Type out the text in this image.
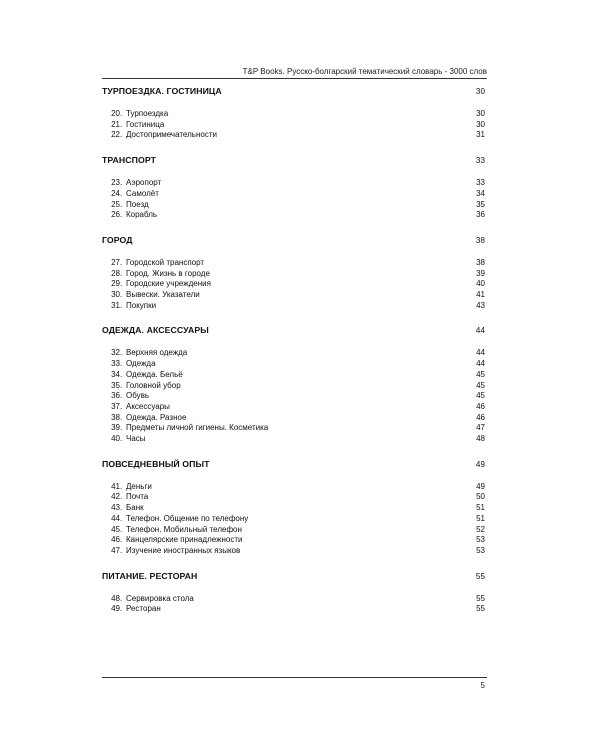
T&P Books. Русско-болгарский тематический словарь - 3000 слов
ТУРПОЕЗДКА. ГОСТИНИЦА	30
20 . Турпоездка	30
21 . Гостиница	30
22 . Достопримечательности	31
ТРАНСПОРТ	33
23 . Аэропорт	33
24 . Самолёт	34
25 . Поезд	35
26 . Корабль	36
ГОРОД	38
27 . Городской транспорт	38
28 . Город. Жизнь в городе	39
29 . Городские учреждения	40
30 . Вывески. Указатели	41
31 . Покупки	43
ОДЕЖДА. АКСЕССУАРЫ	44
32 . Верхняя одежда	44
33 . Одежда	44
34 . Одежда. Бельё	45
35 . Головной убор	45
36 . Обувь	45
37 . Аксессуары	46
38 . Одежда. Разное	46
39 . Предметы личной гигиены. Косметика	47
40 . Часы	48
ПОВСЕДНЕВНЫЙ ОПЫТ	49
41 . Деньги	49
42 . Почта	50
43 . Банк	51
44 . Телефон. Общение по телефону	51
45 . Телефон. Мобильный телефон	52
46 . Канцелярские принадлежности	53
47 . Изучение иностранных языков	53
ПИТАНИЕ. РЕСТОРАН	55
48 . Сервировка стола	55
49 . Ресторан	55
5
